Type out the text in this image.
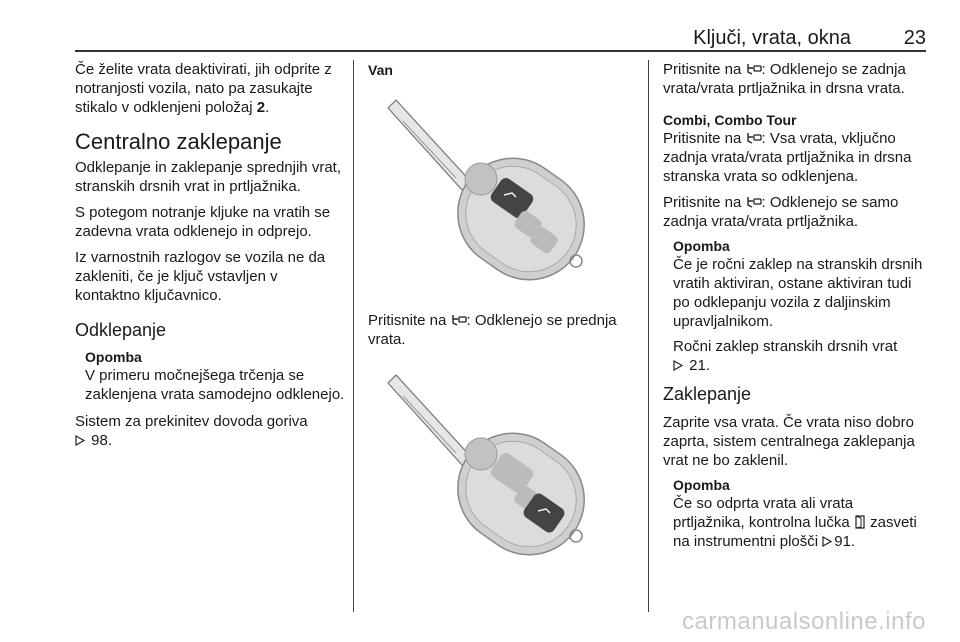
Ključi, vrata, okna	23

Če želite vrata deaktivirati, jih odprite z notranjosti vozila, nato pa zasukajte stikalo v odklenjeni položaj 2.

Centralno zaklepanje

Odklepanje in zaklepanje sprednjih vrat, stranskih drsnih vrat in prtljažnika.

S potegom notranje kljuke na vratih se zadevna vrata odklenejo in odprejo.

Iz varnostnih razlogov se vozila ne da zakleniti, če je ključ vstavljen v kontaktno ključavnico.

Odklepanje
Opomba

V primeru močnejšega trčenja se zaklenjena vrata samodejno odklenejo.

Sistem za prekinitev dovoda goriva
98.

Van

Pritisnite na : Odklenejo se prednja vrata.

Pritisnite na : Odklenejo se zadnja vrata/vrata prtljažnika in drsna vrata.

Combi, Combo Tour

Pritisnite na : Vsa vrata, vključno zadnja vrata/vrata prtljažnika in drsna stranska vrata so odklenjena.

Pritisnite na : Odklenejo se samo zadnja vrata/vrata prtljažnika.

Opomba

Če je ročni zaklep na stranskih drsnih vratih aktiviran, ostane aktiviran tudi po odklepanju vozila z daljinskim upravljalnikom.

Ročni zaklep stranskih drsnih vrat
21.

Zaklepanje

Zaprite vsa vrata. Če vrata niso dobro zaprta, sistem centralnega zaklepanja vrat ne bo zaklenil.

Opomba

Če so odprta vrata ali vrata prtljažnika, kontrolna lučka  zasveti na instrumentni plošči 91.

carmanualsonline.info
